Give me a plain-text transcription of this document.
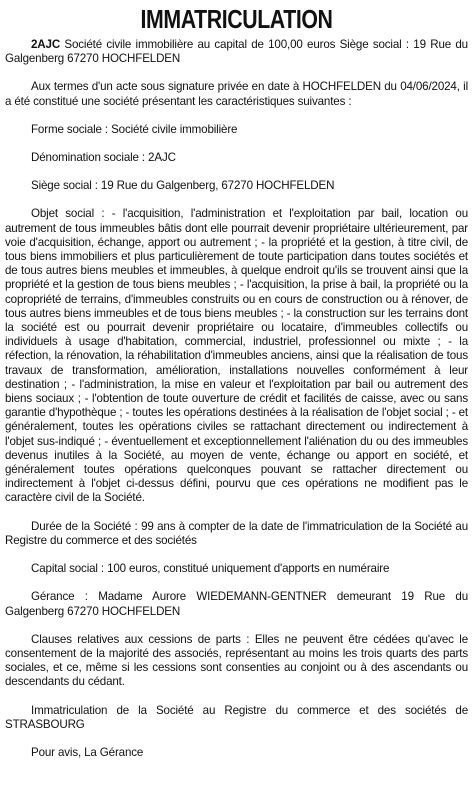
IMMATRICULATION

2AJC Société civile immobilière au capital de 100,00 euros Siège social : 19 Rue du Galgenberg 67270 HOCHFELDEN

Aux termes d'un acte sous signature privée en date à HOCHFELDEN du 04/06/2024, il a été constitué une société présentant les caractéristiques suivantes :

Forme sociale : Société civile immobilière

Dénomination sociale : 2AJC

Siège social : 19 Rue du Galgenberg, 67270 HOCHFELDEN

Objet social : - l'acquisition, l'administration et l'exploitation par bail, location ou autrement de tous immeubles bâtis dont elle pourrait devenir propriétaire ultérieurement, par voie d'acquisition, échange, apport ou autrement ; - la propriété et la gestion, à titre civil, de tous biens immobiliers et plus particulièrement de toute participation dans toutes sociétés et de tous autres biens meubles et immeubles, à quelque endroit qu'ils se trouvent ainsi que la propriété et la gestion de tous biens meubles ; - l'acquisition, la prise à bail, la propriété ou la copropriété de terrains, d'immeubles construits ou en cours de construction ou à rénover, de tous autres biens immeubles et de tous biens meubles ; - la construction sur les terrains dont la société est ou pourrait devenir propriétaire ou locataire, d'immeubles collectifs ou individuels à usage d'habitation, commercial, industriel, professionnel ou mixte ; - la réfection, la rénovation, la réhabilitation d'immeubles anciens, ainsi que la réalisation de tous travaux de transformation, amélioration, installations nouvelles conformément à leur destination ; - l'administration, la mise en valeur et l'exploitation par bail ou autrement des biens sociaux ; - l'obtention de toute ouverture de crédit et facilités de caisse, avec ou sans garantie d'hypothèque ; - toutes les opérations destinées à la réalisation de l'objet social ; - et généralement, toutes les opérations civiles se rattachant directement ou indirectement à l'objet sus-indiqué ; - éventuellement et exceptionnellement l'aliénation du ou des immeubles devenus inutiles à la Société, au moyen de vente, échange ou apport en société, et généralement toutes opérations quelconques pouvant se rattacher directement ou indirectement à l'objet ci-dessus défini, pourvu que ces opérations ne modifient pas le caractère civil de la Société.

Durée de la Société : 99 ans à compter de la date de l'immatriculation de la Société au Registre du commerce et des sociétés

Capital social : 100 euros, constitué uniquement d'apports en numéraire

Gérance : Madame Aurore WIEDEMANN-GENTNER demeurant 19 Rue du Galgenberg 67270 HOCHFELDEN

Clauses relatives aux cessions de parts : Elles ne peuvent être cédées qu'avec le consentement de la majorité des associés, représentant au moins les trois quarts des parts sociales, et ce, même si les cessions sont consenties au conjoint ou à des ascendants ou descendants du cédant.

Immatriculation de la Société au Registre du commerce et des sociétés de STRASBOURG

Pour avis, La Gérance
